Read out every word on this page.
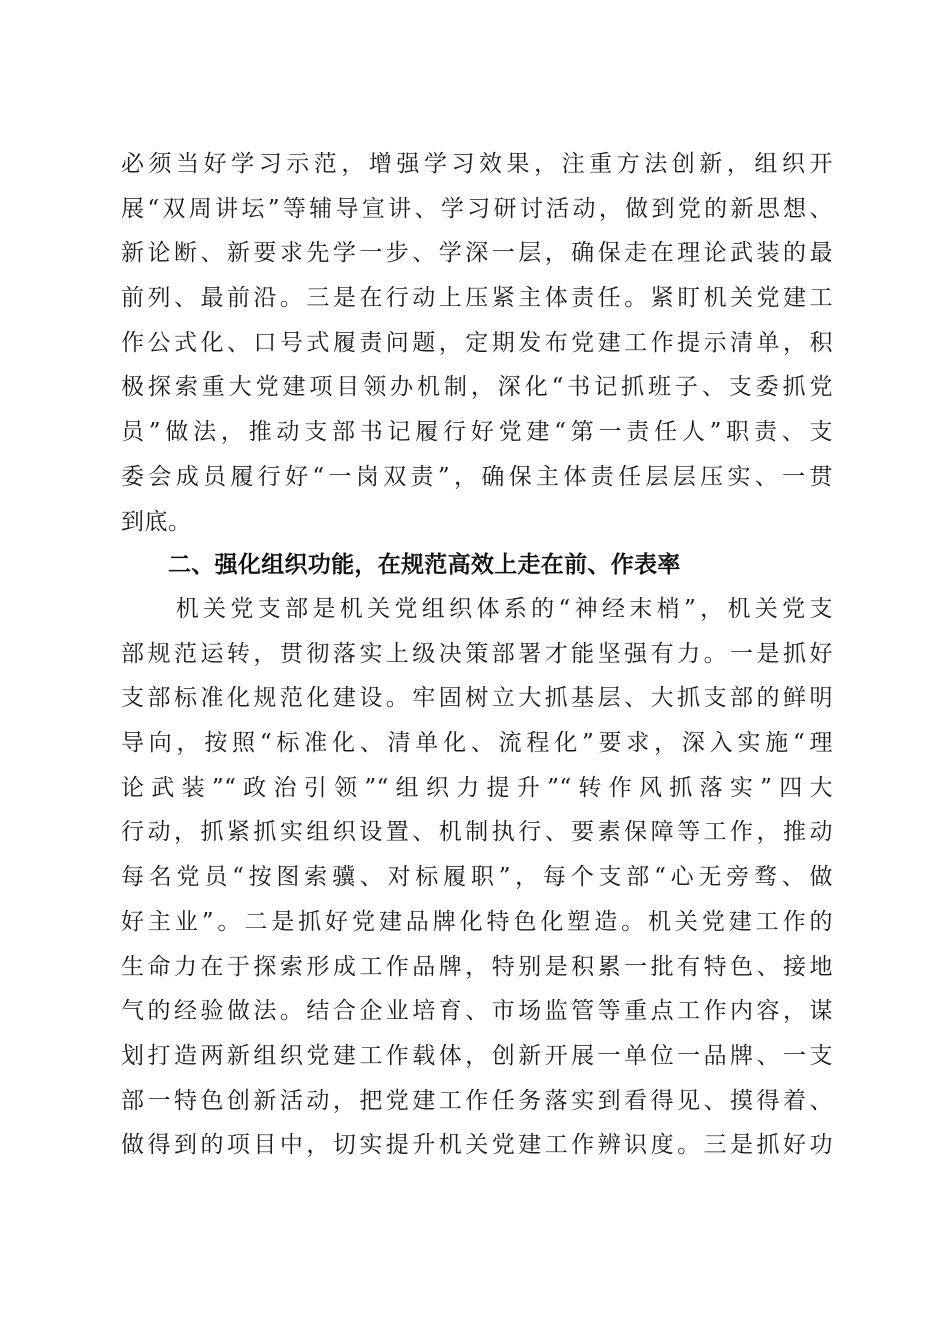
必须当好学习示范，增强学习效果，注重方法创新，组织开
展“双周讲坛”等辅导宣讲、学习研讨活动，做到党的新思想、
新论断、新要求先学一步、学深一层，确保走在理论武装的最
前列、最前沿。三是在行动上压紧主体责任。紧盯机关党建工
作公式化、口号式履责问题，定期发布党建工作提示清单，积
极探索重大党建项目领办机制，深化“书记抓班子、支委抓党
员”做法，推动支部书记履行好党建“第一责任人”职责、支
委会成员履行好“一岗双责”，确保主体责任层层压实、一贯
到底。
二、强化组织功能，在规范高效上走在前、作表率
　　机关党支部是机关党组织体系的“神经末梢”，机关党支
部规范运转，贯彻落实上级决策部署才能坚强有力。一是抓好
支部标准化规范化建设。牢固树立大抓基层、大抓支部的鲜明
导向，按照“标准化、清单化、流程化”要求，深入实施“理
论武装”“政治引领”“组织力提升”“转作风抓落实”四大
行动，抓紧抓实组织设置、机制执行、要素保障等工作，推动
每名党员“按图索骥、对标履职”，每个支部“心无旁骛、做
好主业”。二是抓好党建品牌化特色化塑造。机关党建工作的
生命力在于探索形成工作品牌，特别是积累一批有特色、接地
气的经验做法。结合企业培育、市场监管等重点工作内容，谋
划打造两新组织党建工作载体，创新开展一单位一品牌、一支
部一特色创新活动，把党建工作任务落实到看得见、摸得着、
做得到的项目中，切实提升机关党建工作辨识度。三是抓好功
